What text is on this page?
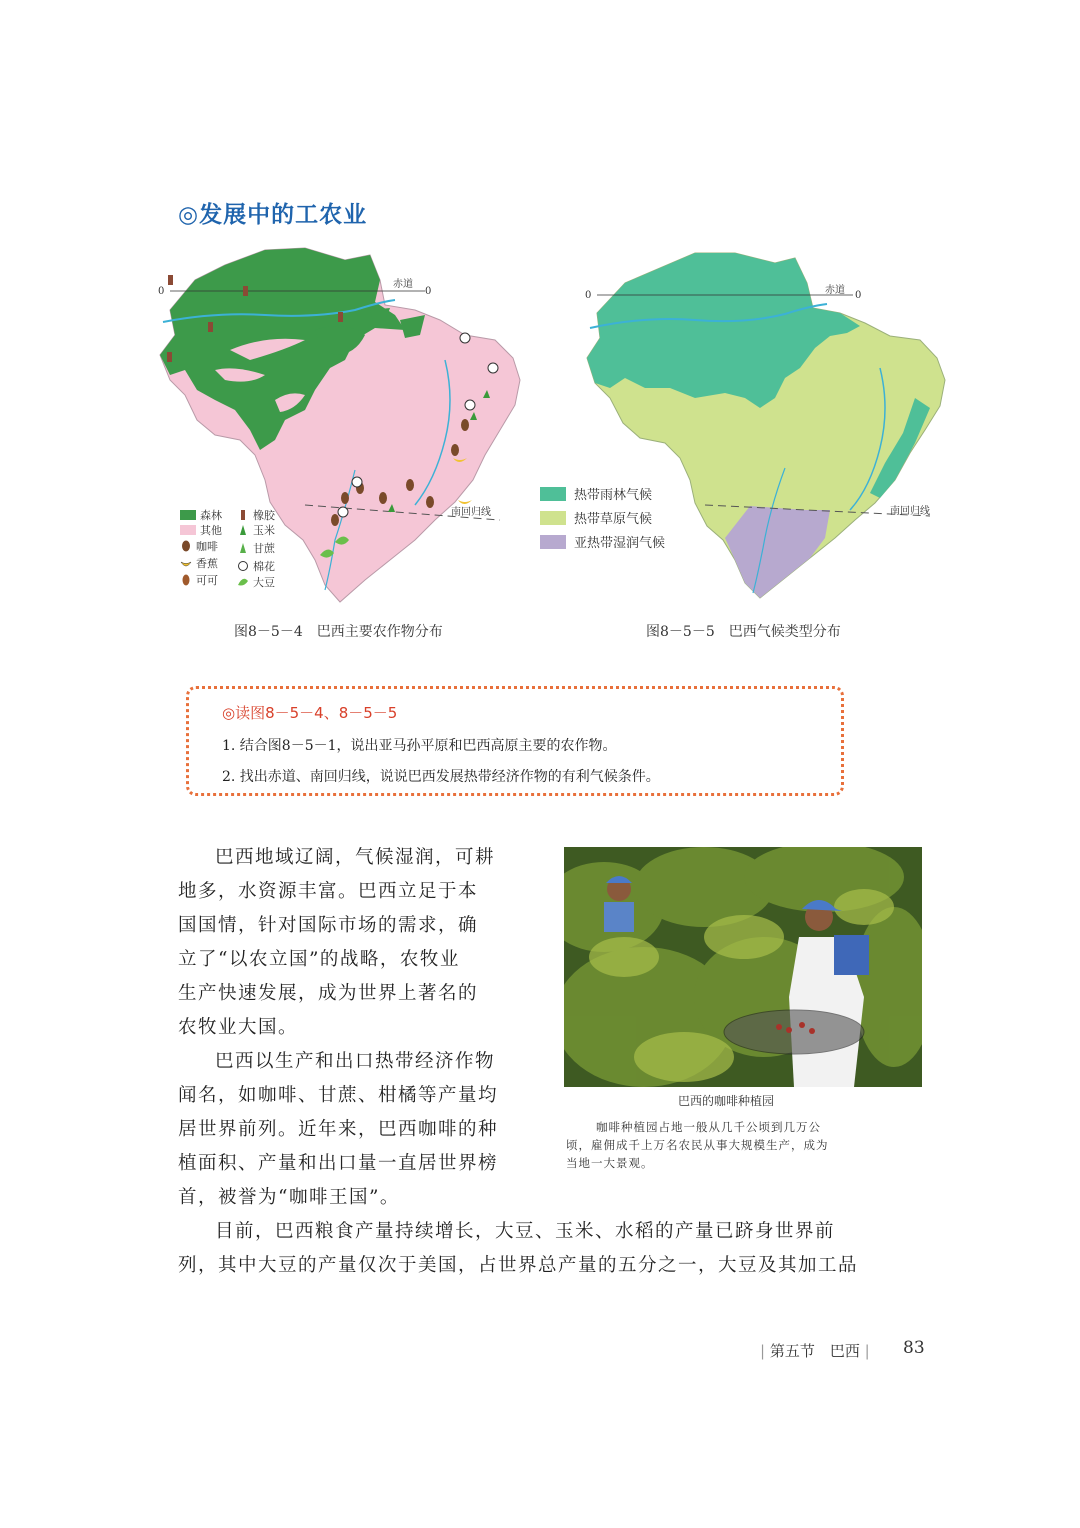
◎发展中的工农业
0	0
赤道
南回归线
森林
其他
咖啡
香蕉
可可
橡胶
玉米
甘蔗
棉花
大豆
图8－5－4　巴西主要农作物分布
0	0
赤道
南回归线
热带雨林气候
热带草原气候
亚热带湿润气候
图8－5－5　巴西气候类型分布
◎读图8－5－4、8－5－5
1. 结合图8－5－1，说出亚马孙平原和巴西高原主要的农作物。
2. 找出赤道、南回归线，说说巴西发展热带经济作物的有利气候条件。
巴西地域辽阔，气候湿润，可耕
地多，水资源丰富。巴西立足于本
国国情，针对国际市场的需求，确
立了“以农立国”的战略，农牧业
生产快速发展，成为世界上著名的
农牧业大国。
巴西以生产和出口热带经济作物
闻名，如咖啡、甘蔗、柑橘等产量均
居世界前列。近年来，巴西咖啡的种
植面积、产量和出口量一直居世界榜
首，被誉为“咖啡王国”。
巴西的咖啡种植园
咖啡种植园占地一般从几千公顷到几万公
顷，雇佣成千上万名农民从事大规模生产，成为
当地一大景观。
目前，巴西粮食产量持续增长，大豆、玉米、水稻的产量已跻身世界前
列，其中大豆的产量仅次于美国，占世界总产量的五分之一，大豆及其加工品
| 第五节　巴西 | 83
